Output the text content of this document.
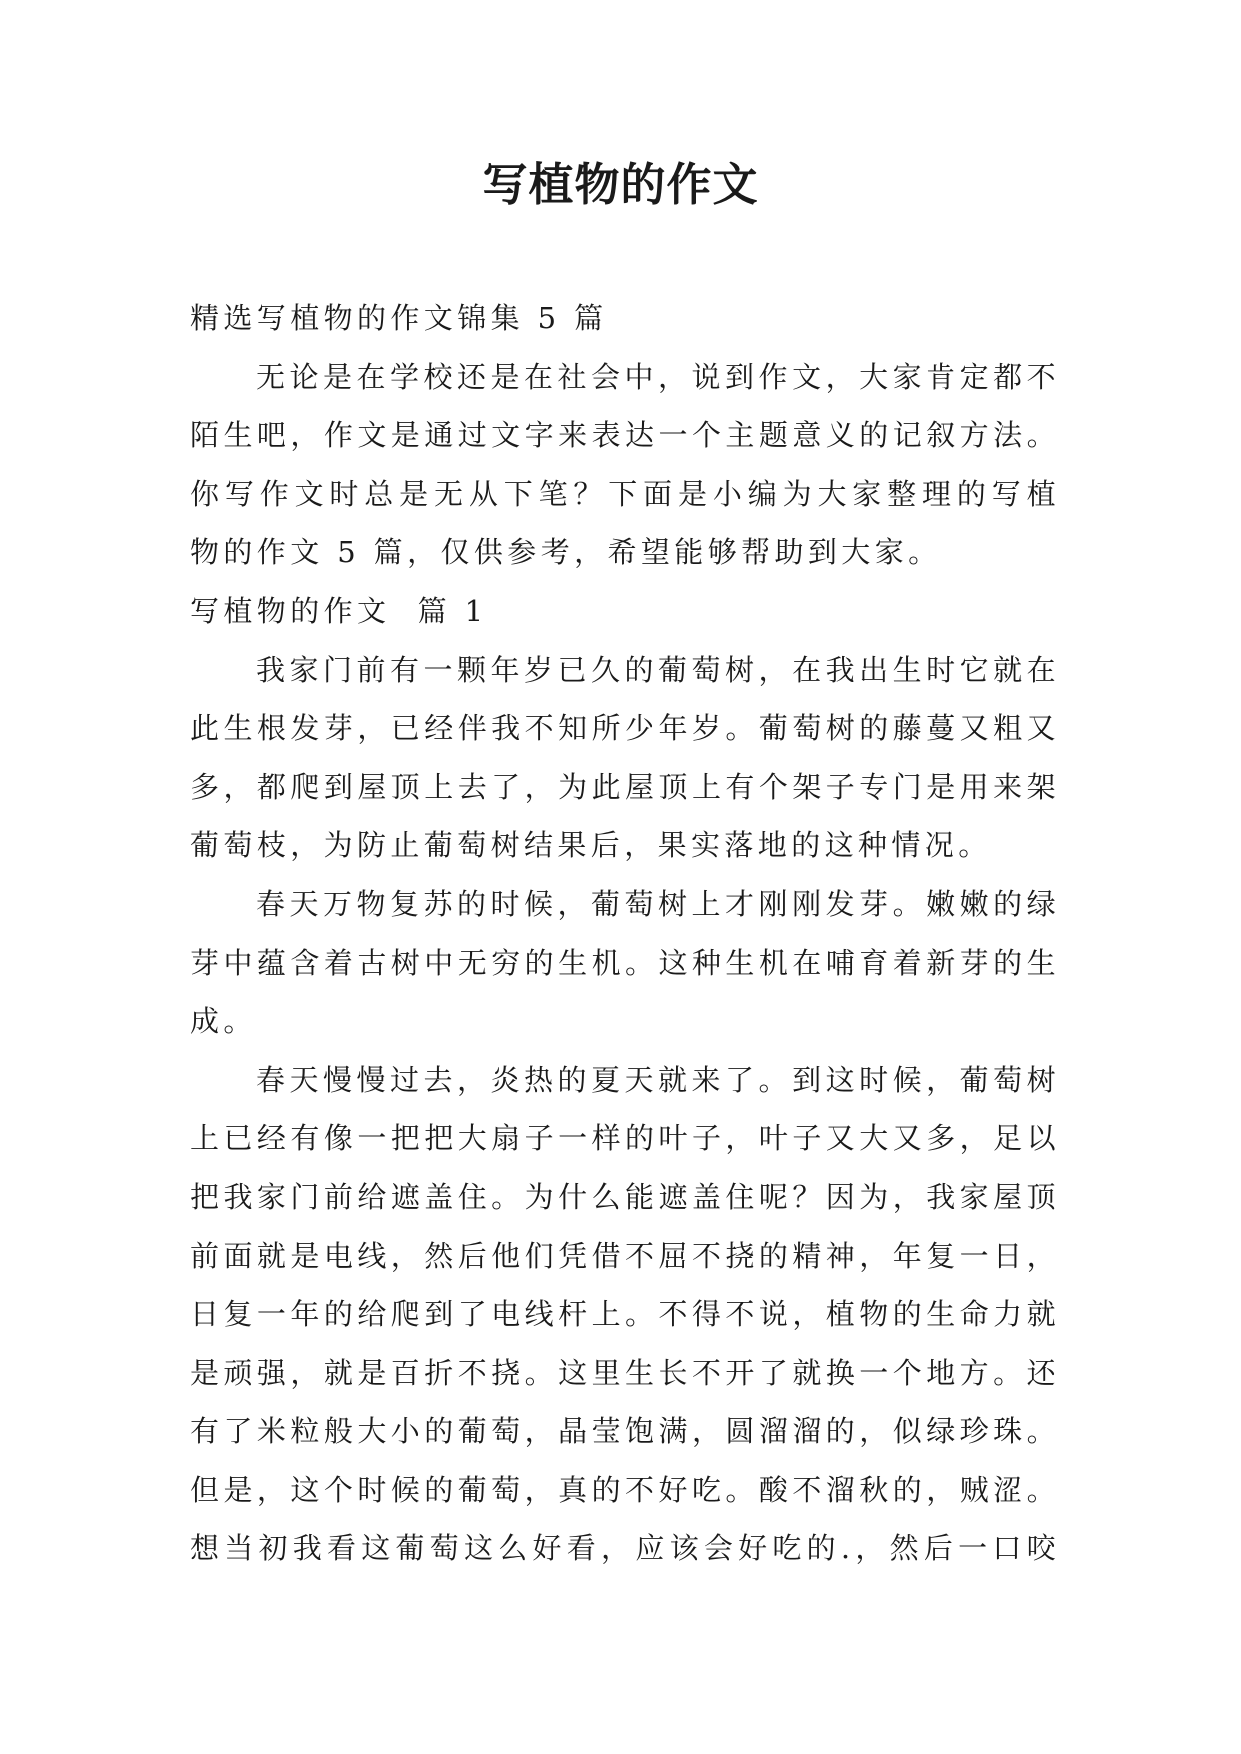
写植物的作文
精选写植物的作文锦集 5 篇
无论是在学校还是在社会中，说到作文，大家肯定都不
陌生吧，作文是通过文字来表达一个主题意义的记叙方法。
你写作文时总是无从下笔？下面是小编为大家整理的写植
物的作文 5 篇，仅供参考，希望能够帮助到大家。
写植物的作文  篇 1
我家门前有一颗年岁已久的葡萄树，在我出生时它就在
此生根发芽，已经伴我不知所少年岁。葡萄树的藤蔓又粗又
多，都爬到屋顶上去了，为此屋顶上有个架子专门是用来架
葡萄枝，为防止葡萄树结果后，果实落地的这种情况。
春天万物复苏的时候，葡萄树上才刚刚发芽。嫩嫩的绿
芽中蕴含着古树中无穷的生机。这种生机在哺育着新芽的生
成。
春天慢慢过去，炎热的夏天就来了。到这时候，葡萄树
上已经有像一把把大扇子一样的叶子，叶子又大又多，足以
把我家门前给遮盖住。为什么能遮盖住呢？因为，我家屋顶
前面就是电线，然后他们凭借不屈不挠的精神，年复一日，
日复一年的给爬到了电线杆上。不得不说，植物的生命力就
是顽强，就是百折不挠。这里生长不开了就换一个地方。还
有了米粒般大小的葡萄，晶莹饱满，圆溜溜的，似绿珍珠。
但是，这个时候的葡萄，真的不好吃。酸不溜秋的，贼涩。
想当初我看这葡萄这么好看，应该会好吃的.，然后一口咬
